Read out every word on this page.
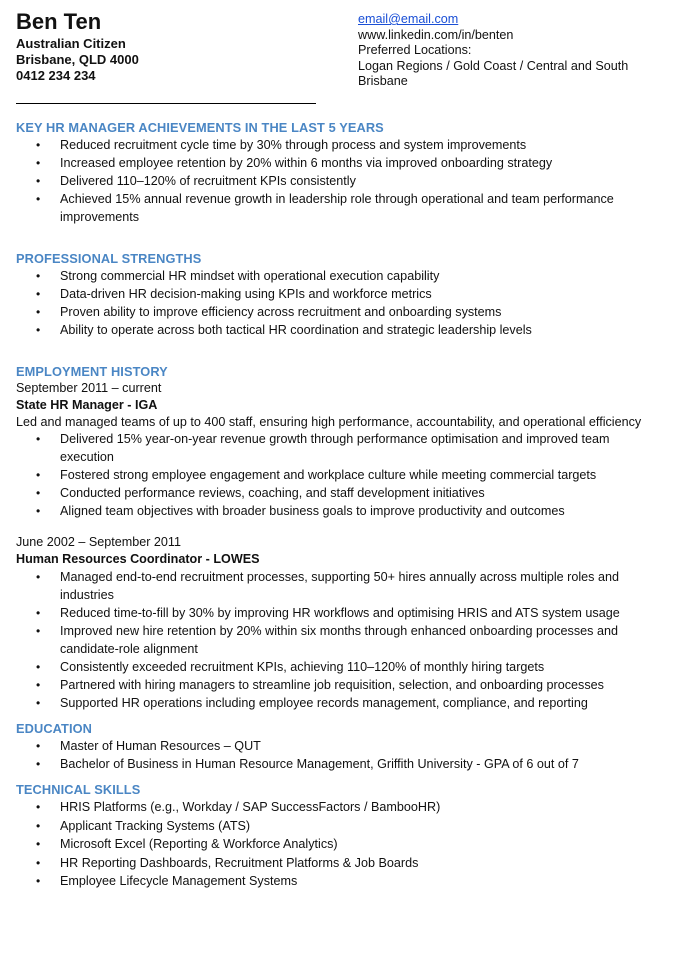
Ben Ten
Australian Citizen
Brisbane, QLD 4000
0412 234 234
email@email.com
www.linkedin.com/in/benten
Preferred Locations:
Logan Regions / Gold Coast / Central and South Brisbane
KEY HR MANAGER ACHIEVEMENTS IN THE LAST 5 YEARS
• Reduced recruitment cycle time by 30% through process and system improvements
• Increased employee retention by 20% within 6 months via improved onboarding strategy
• Delivered 110–120% of recruitment KPIs consistently
• Achieved 15% annual revenue growth in leadership role through operational and team performance improvements
PROFESSIONAL STRENGTHS
• Strong commercial HR mindset with operational execution capability
• Data-driven HR decision-making using KPIs and workforce metrics
• Proven ability to improve efficiency across recruitment and onboarding systems
• Ability to operate across both tactical HR coordination and strategic leadership levels
EMPLOYMENT HISTORY
September 2011 – current
State HR Manager - IGA
Led and managed teams of up to 400 staff, ensuring high performance, accountability, and operational efficiency
• Delivered 15% year-on-year revenue growth through performance optimisation and improved team execution
• Fostered strong employee engagement and workplace culture while meeting commercial targets
• Conducted performance reviews, coaching, and staff development initiatives
• Aligned team objectives with broader business goals to improve productivity and outcomes
June 2002 – September 2011
Human Resources Coordinator - LOWES
• Managed end-to-end recruitment processes, supporting 50+ hires annually across multiple roles and industries
• Reduced time-to-fill by 30% by improving HR workflows and optimising HRIS and ATS system usage
• Improved new hire retention by 20% within six months through enhanced onboarding processes and candidate-role alignment
• Consistently exceeded recruitment KPIs, achieving 110–120% of monthly hiring targets
• Partnered with hiring managers to streamline job requisition, selection, and onboarding processes
• Supported HR operations including employee records management, compliance, and reporting
EDUCATION
• Master of Human Resources – QUT
• Bachelor of Business in Human Resource Management, Griffith University - GPA of 6 out of 7
TECHNICAL SKILLS
• HRIS Platforms (e.g., Workday / SAP SuccessFactors / BambooHR)
• Applicant Tracking Systems (ATS)
• Microsoft Excel (Reporting & Workforce Analytics)
• HR Reporting Dashboards, Recruitment Platforms & Job Boards
• Employee Lifecycle Management Systems
